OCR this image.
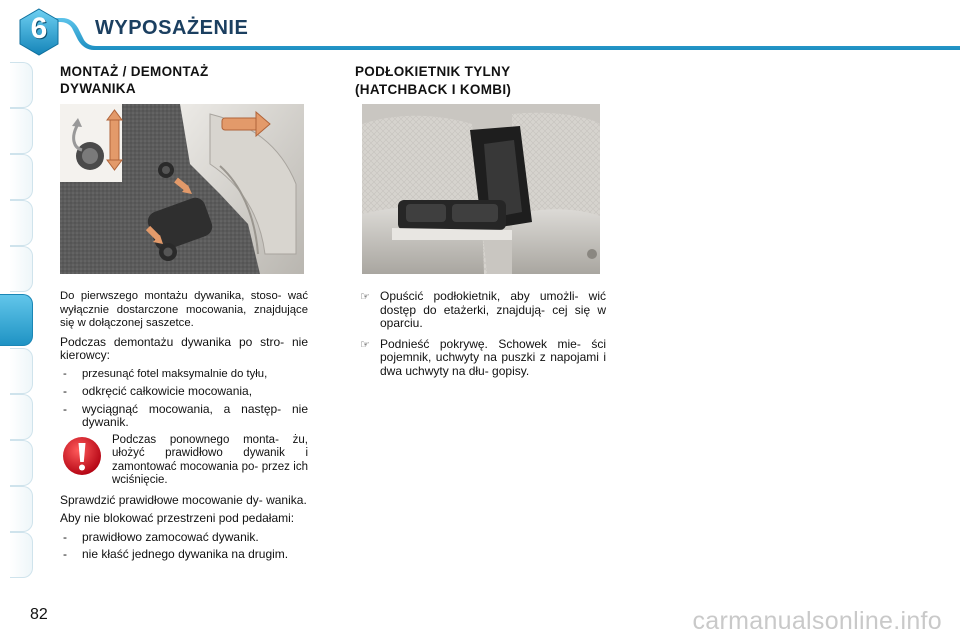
6	WYPOSAŻENIE
MONTAŻ / DEMONTAŻ
DYWANIKA

Do pierwszego montażu dywanika, stoso- wać wyłącznie dostarczone mocowania, znajdujące się w dołączonej saszetce.

Podczas demontażu dywanika po stro- nie kierowcy:

- przesunąć fotel maksymalnie do tyłu,
- odkręcić całkowicie mocowania,
- wyciągnąć mocowania, a następ- nie dywanik.
Podczas ponownego monta- żu, ułożyć prawidłowo dywanik i zamontować mocowania po- przez ich wciśnięcie.

Sprawdzić prawidłowe mocowanie dy- wanika.

Aby nie blokować przestrzeni pod pedałami:

- prawidłowo zamocować dywanik.
- nie kłaść jednego dywanika na drugim.
PODŁOKIETNIK TYLNY
(HATCHBACK I KOMBI)
☞ Opuścić podłokietnik, aby umożli- wić dostęp do etażerki, znajdują- cej się w oparciu.
☞ Podnieść pokrywę. Schowek mie- ści pojemnik, uchwyty na puszki z napojami i dwa uchwyty na dłu- gopisy.
82	carmanualsonline.info
